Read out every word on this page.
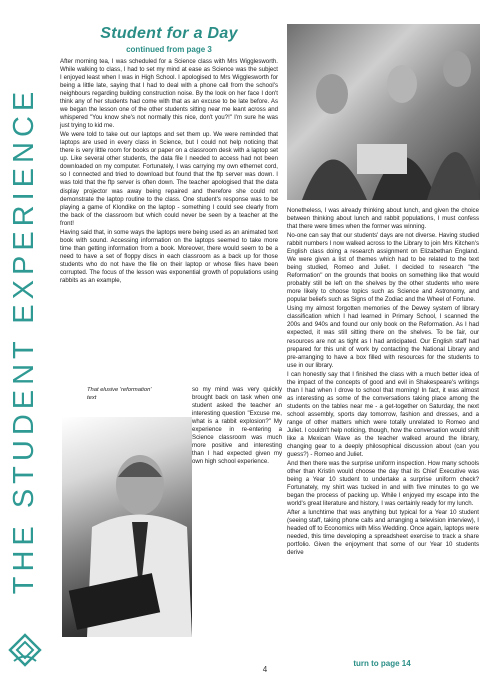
THE STUDENT EXPERIENCE
Student for a Day
continued from page 3

After morning tea, I was scheduled for a Science class with Mrs Wigglesworth. While walking to class, I had to set my mind at ease as Science was the subject I enjoyed least when I was in High School. I apologised to Mrs Wigglesworth for being a little late, saying that I had to deal with a phone call from the school's neighbours regarding building construction noise. By the look on her face I don't think any of her students had come with that as an excuse to be late before. As we began the lesson one of the other students sitting near me leant across and whispered "You know she's not normally this nice, don't you?!" I'm sure he was just trying to kid me.

We were told to take out our laptops and set them up. We were reminded that laptops are used in every class in Science, but I could not help noticing that there is very little room for books or paper on a classroom desk with a laptop set up. Like several other students, the data file I needed to access had not been downloaded on my computer. Fortunately, I was carrying my own ethernet cord, so I connected and tried to download but found that the ftp server was down. I was told that the ftp server is often down. The teacher apologised that the data display projector was away being repaired and therefore she could not demonstrate the laptop routine to the class. One student's response was to be playing a game of Klondike on the laptop - something I could see clearly from the back of the classroom but which could never be seen by a teacher at the front!

Having said that, in some ways the laptops were being used as an animated text book with sound. Accessing information on the laptops seemed to take more time than getting information from a book. Moreover, there would seem to be a need to have a set of floppy discs in each classroom as a back up for those students who do not have the file on their laptop or whose files have been corrupted. The focus of the lesson was exponential growth of populations using rabbits as an example,

so my mind was very quickly brought back on task when one student asked the teacher an interesting question "Excuse me, what is a rabbit explosion?" My experience in re-entering a Science classroom was much more positive and interesting than I had expected given my own high school experience.

That elusive 'reformation' text

Nonetheless, I was already thinking about lunch, and given the choice between thinking about lunch and rabbit populations, I must confess that there were times when the former was winning.

No-one can say that our students' days are not diverse. Having studied rabbit numbers I now walked across to the Library to join Mrs Kitchen's English class doing a research assignment on Elizabethan England. We were given a list of themes which had to be related to the text being studied, Romeo and Juliet. I decided to research "the Reformation" on the grounds that books on something like that would probably still be left on the shelves by the other students who were more likely to choose topics such as Science and Astronomy, and popular beliefs such as Signs of the Zodiac and the Wheel of Fortune.

Using my almost forgotten memories of the Dewey system of library classification which I had learned in Primary School, I scanned the 200s and 940s and found our only book on the Reformation. As I had expected, it was still sitting there on the shelves. To be fair, our resources are not as tight as I had anticipated. Our English staff had prepared for this unit of work by contacting the National Library and pre-arranging to have a box filled with resources for the students to use in our library.

I can honestly say that I finished the class with a much better idea of the impact of the concepts of good and evil in Shakespeare's writings than I had when I drove to school that morning! In fact, it was almost as interesting as some of the conversations taking place among the students on the tables near me - a get-together on Saturday, the next school assembly, sports day tomorrow, fashion and dresses, and a range of other matters which were totally unrelated to Romeo and Juliet. I couldn't help noticing, though, how the conversation would shift like a Mexican Wave as the teacher walked around the library, changing gear to a deeply philosophical discussion about (can you guess?) - Romeo and Juliet.

And then there was the surprise uniform inspection. How many schools other than Kristin would choose the day that its Chief Executive was being a Year 10 student to undertake a surprise uniform check? Fortunately, my shirt was tucked in and with five minutes to go we began the process of packing up. While I enjoyed my escape into the world's great literature and history, I was certainly ready for my lunch.

After a lunchtime that was anything but typical for a Year 10 student (seeing staff, taking phone calls and arranging a television interview), I headed off to Economics with Miss Wedding. Once again, laptops were needed, this time developing a spreadsheet exercise to track a share portfolio. Given the enjoyment that some of our Year 10 students derive

turn to page 14
4
